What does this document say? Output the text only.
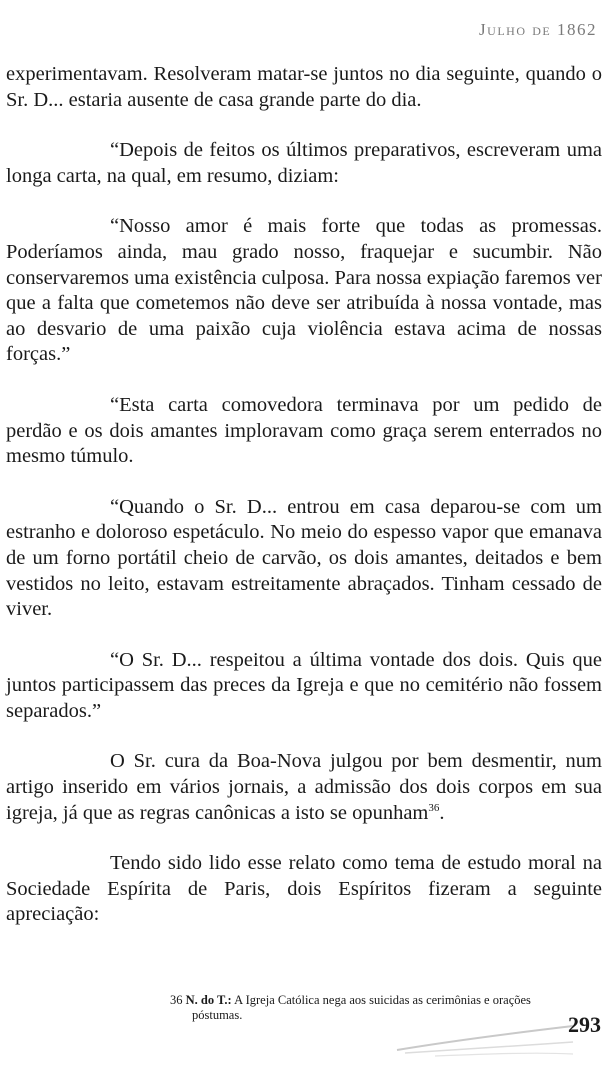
Julho de 1862

experimentavam. Resolveram matar-se juntos no dia seguinte, quando o Sr. D... estaria ausente de casa grande parte do dia.

“Depois de feitos os últimos preparativos, escreveram uma longa carta, na qual, em resumo, diziam:

“Nosso amor é mais forte que todas as promessas. Poderíamos ainda, mau grado nosso, fraquejar e sucumbir. Não conservaremos uma existência culposa. Para nossa expiação faremos ver que a falta que cometemos não deve ser atribuída à nossa vontade, mas ao desvario de uma paixão cuja violência estava acima de nossas forças.”

“Esta carta comovedora terminava por um pedido de perdão e os dois amantes imploravam como graça serem enterrados no mesmo túmulo.

“Quando o Sr. D... entrou em casa deparou-se com um estranho e doloroso espetáculo. No meio do espesso vapor que emanava de um forno portátil cheio de carvão, os dois amantes, deitados e bem vestidos no leito, estavam estreitamente abraçados. Tinham cessado de viver.

“O Sr. D... respeitou a última vontade dos dois. Quis que juntos participassem das preces da Igreja e que no cemitério não fossem separados.”

O Sr. cura da Boa-Nova julgou por bem desmentir, num artigo inserido em vários jornais, a admissão dos dois corpos em sua igreja, já que as regras canônicas a isto se opunham$^{36}$.

Tendo sido lido esse relato como tema de estudo moral na Sociedade Espírita de Paris, dois Espíritos fizeram a seguinte apreciação:

36 N. do T.: A Igreja Católica nega aos suicidas as cerimônias e orações
póstumas.	293
